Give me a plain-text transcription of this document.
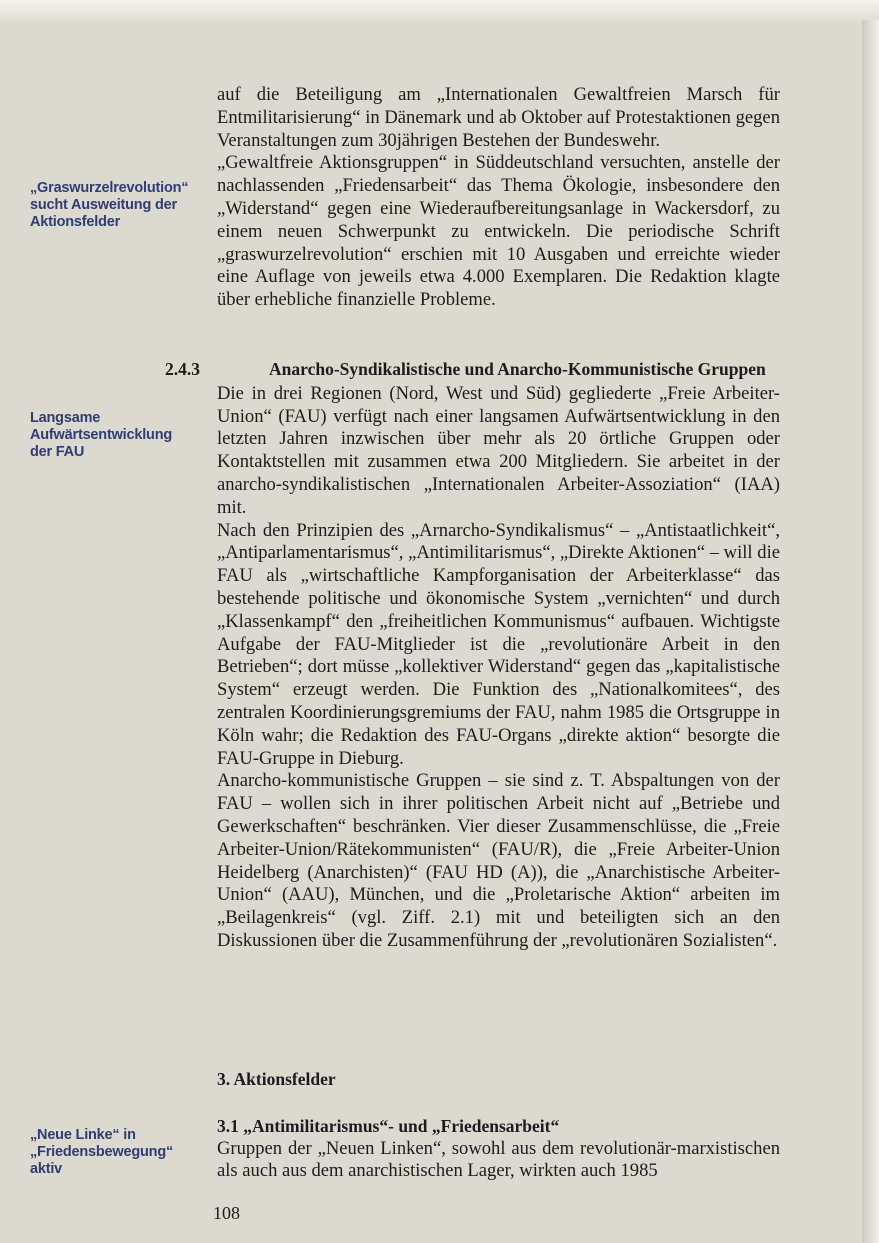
„Graswurzelrevolution“ sucht Ausweitung der Aktionsfelder
Langsame Aufwärtsentwicklung der FAU
„Neue Linke“ in „Friedensbewegung“ aktiv
auf die Beteiligung am „Internationalen Gewaltfreien Marsch für Entmilitarisierung“ in Dänemark und ab Oktober auf Protestaktionen gegen Veranstaltungen zum 30jährigen Bestehen der Bundeswehr.
„Gewaltfreie Aktionsgruppen“ in Süddeutschland versuchten, anstelle der nachlassenden „Friedensarbeit“ das Thema Ökologie, insbesondere den „Widerstand“ gegen eine Wiederaufbereitungsanlage in Wackersdorf, zu einem neuen Schwerpunkt zu entwickeln. Die periodische Schrift „graswurzelrevolution“ erschien mit 10 Ausgaben und erreichte wieder eine Auflage von jeweils etwa 4.000 Exemplaren. Die Redaktion klagte über erhebliche finanzielle Probleme.
2.4.3	Anarcho-Syndikalistische und Anarcho-Kommunistische Gruppen
Die in drei Regionen (Nord, West und Süd) gegliederte „Freie Arbeiter-Union“ (FAU) verfügt nach einer langsamen Aufwärtsentwicklung in den letzten Jahren inzwischen über mehr als 20 örtliche Gruppen oder Kontaktstellen mit zusammen etwa 200 Mitgliedern. Sie arbeitet in der anarcho-syndikalistischen „Internationalen Arbeiter-Assoziation“ (IAA) mit.
Nach den Prinzipien des „Arnarcho-Syndikalismus“ – „Antistaatlichkeit“, „Antiparlamentarismus“, „Antimilitarismus“, „Direkte Aktionen“ – will die FAU als „wirtschaftliche Kampforganisation der Arbeiterklasse“ das bestehende politische und ökonomische System „vernichten“ und durch „Klassenkampf“ den „freiheitlichen Kommunismus“ aufbauen. Wichtigste Aufgabe der FAU-Mitglieder ist die „revolutionäre Arbeit in den Betrieben“; dort müsse „kollektiver Widerstand“ gegen das „kapitalistische System“ erzeugt werden. Die Funktion des „Nationalkomitees“, des zentralen Koordinierungsgremiums der FAU, nahm 1985 die Ortsgruppe in Köln wahr; die Redaktion des FAU-Organs „direkte aktion“ besorgte die FAU-Gruppe in Dieburg.
Anarcho-kommunistische Gruppen – sie sind z. T. Abspaltungen von der FAU – wollen sich in ihrer politischen Arbeit nicht auf „Betriebe und Gewerkschaften“ beschränken. Vier dieser Zusammenschlüsse, die „Freie Arbeiter-Union/Rätekommunisten“ (FAU/R), die „Freie Arbeiter-Union Heidelberg (Anarchisten)“ (FAU HD (A)), die „Anarchistische Arbeiter-Union“ (AAU), München, und die „Proletarische Aktion“ arbeiten im „Beilagenkreis“ (vgl. Ziff. 2.1) mit und beteiligten sich an den Diskussionen über die Zusammenführung der „revolutionären Sozialisten“.
3. Aktionsfelder
3.1 „Antimilitarismus“- und „Friedensarbeit“
Gruppen der „Neuen Linken“, sowohl aus dem revolutionär-marxistischen als auch aus dem anarchistischen Lager, wirkten auch 1985
108
